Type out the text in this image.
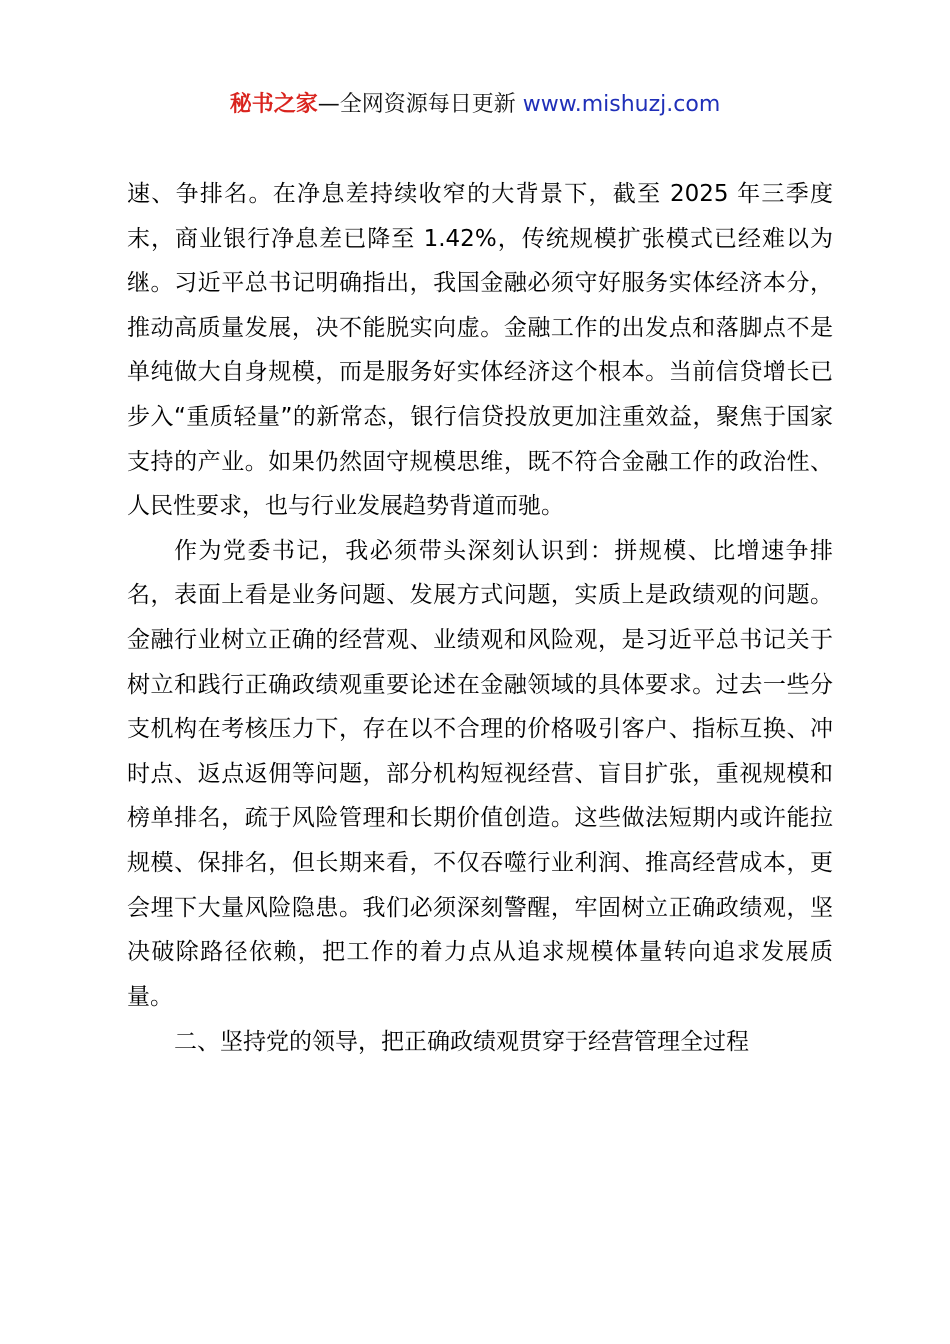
秘书之家—全网资源每日更新 www.mishuzj.com

速、争排名。在净息差持续收窄的大背景下，截至 2025 年三季度末，商业银行净息差已降至 1.42%，传统规模扩张模式已经难以为继。习近平总书记明确指出，我国金融必须守好服务实体经济本分，推动高质量发展，决不能脱实向虚。金融工作的出发点和落脚点不是单纯做大自身规模，而是服务好实体经济这个根本。当前信贷增长已步入“重质轻量”的新常态，银行信贷投放更加注重效益，聚焦于国家支持的产业。如果仍然固守规模思维，既不符合金融工作的政治性、人民性要求，也与行业发展趋势背道而驰。

作为党委书记，我必须带头深刻认识到：拼规模、比增速争排名，表面上看是业务问题、发展方式问题，实质上是政绩观的问题。金融行业树立正确的经营观、业绩观和风险观，是习近平总书记关于树立和践行正确政绩观重要论述在金融领域的具体要求。过去一些分支机构在考核压力下，存在以不合理的价格吸引客户、指标互换、冲时点、返点返佣等问题，部分机构短视经营、盲目扩张，重视规模和榜单排名，疏于风险管理和长期价值创造。这些做法短期内或许能拉规模、保排名，但长期来看，不仅吞噬行业利润、推高经营成本，更会埋下大量风险隐患。我们必须深刻警醒，牢固树立正确政绩观，坚决破除路径依赖，把工作的着力点从追求规模体量转向追求发展质量。

二、坚持党的领导，把正确政绩观贯穿于经营管理全过程
